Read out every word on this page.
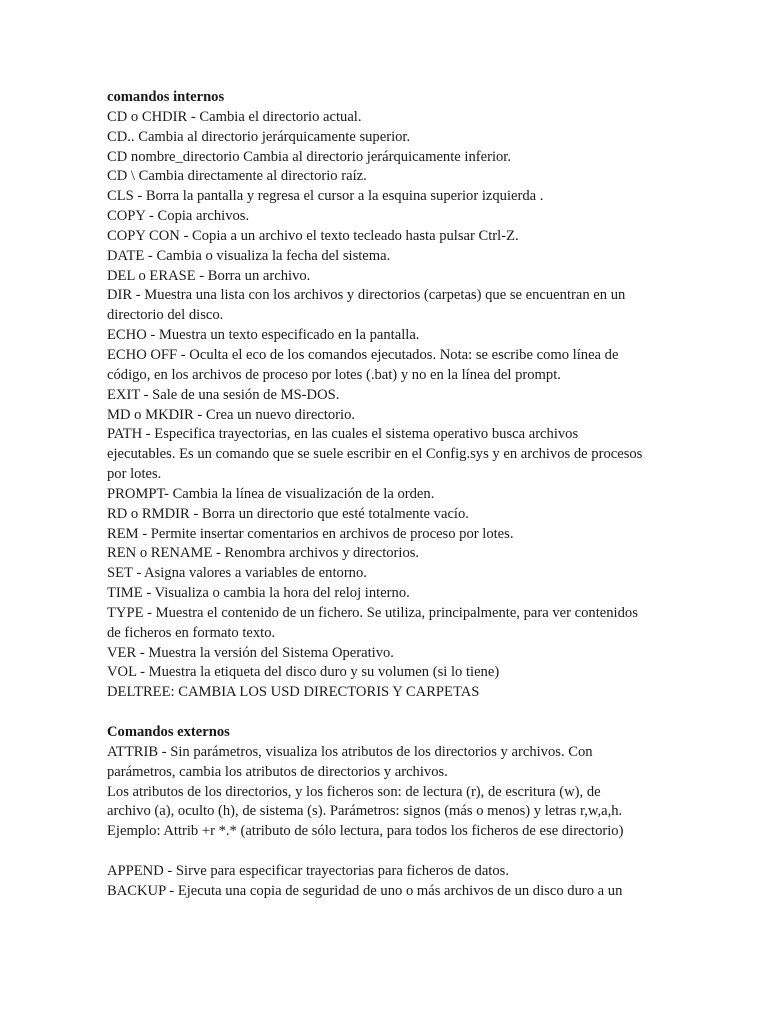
comandos internos

CD o CHDIR - Cambia el directorio actual.

CD.. Cambia al directorio jerárquicamente superior.

CD nombre_directorio Cambia al directorio jerárquicamente inferior.

CD \ Cambia directamente al directorio raíz.

CLS - Borra la pantalla y regresa el cursor a la esquina superior izquierda .

COPY - Copia archivos.

COPY CON - Copia a un archivo el texto tecleado hasta pulsar Ctrl-Z.

DATE - Cambia o visualiza la fecha del sistema.

DEL o ERASE - Borra un archivo.

DIR - Muestra una lista con los archivos y directorios (carpetas) que se encuentran en un

directorio del disco.

ECHO - Muestra un texto especificado en la pantalla.

ECHO OFF - Oculta el eco de los comandos ejecutados. Nota: se escribe como línea de

código, en los archivos de proceso por lotes (.bat) y no en la línea del prompt.

EXIT - Sale de una sesión de MS-DOS.

MD o MKDIR - Crea un nuevo directorio.

PATH - Especifica trayectorias, en las cuales el sistema operativo busca archivos

ejecutables. Es un comando que se suele escribir en el Config.sys y en archivos de procesos

por lotes.

PROMPT- Cambia la línea de visualización de la orden.

RD o RMDIR - Borra un directorio que esté totalmente vacío.

REM - Permite insertar comentarios en archivos de proceso por lotes.

REN o RENAME - Renombra archivos y directorios.

SET - Asigna valores a variables de entorno.

TIME - Visualiza o cambia la hora del reloj interno.

TYPE - Muestra el contenido de un fichero. Se utiliza, principalmente, para ver contenidos

de ficheros en formato texto.

VER - Muestra la versión del Sistema Operativo.

VOL - Muestra la etiqueta del disco duro y su volumen (si lo tiene)

DELTREE: CAMBIA LOS USD DIRECTORIS Y CARPETAS

Comandos externos

ATTRIB - Sin parámetros, visualiza los atributos de los directorios y archivos. Con

parámetros, cambia los atributos de directorios y archivos.

Los atributos de los directorios, y los ficheros son: de lectura (r), de escritura (w), de

archivo (a), oculto (h), de sistema (s). Parámetros: signos (más o menos) y letras r,w,a,h.

Ejemplo: Attrib +r *.* (atributo de sólo lectura, para todos los ficheros de ese directorio)

APPEND - Sirve para especificar trayectorias para ficheros de datos.

BACKUP - Ejecuta una copia de seguridad de uno o más archivos de un disco duro a un
